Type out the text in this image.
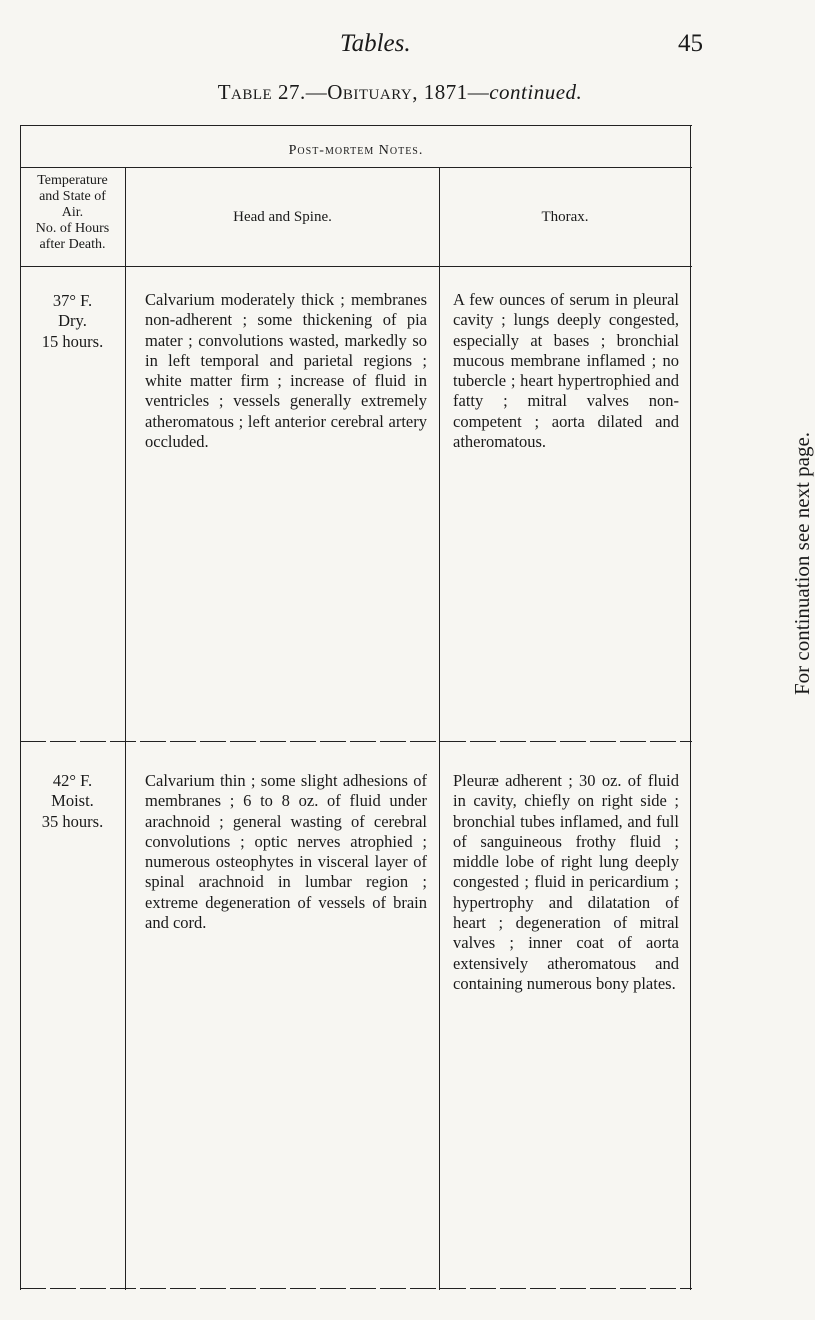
Tables.	45
Table 27.—Obituary, 1871—continued.
Post-mortem Notes.
Temperature
and State of
Air.
No. of Hours
after Death.
Head and Spine.	Thorax.

37° F.

Dry.

15 hours.

Calvarium moderately thick ; membranes non-adherent ; some thickening of pia mater ; convolutions wasted, markedly so in left temporal and parietal regions ; white matter firm ; increase of fluid in ventricles ; vessels generally extremely atheromatous ; left anterior cerebral artery occluded.
A few ounces of serum in pleural cavity ; lungs deeply congested, especially at bases ; bronchial mucous membrane inflamed ; no tubercle ; heart hypertrophied and fatty ; mitral valves non-competent ; aorta dilated and atheromatous.

42° F.

Moist.

35 hours.

Calvarium thin ; some slight adhesions of membranes ; 6 to 8 oz. of fluid under arachnoid ; general wasting of cerebral convolutions ; optic nerves atrophied ; numerous osteophytes in visceral layer of spinal arachnoid in lumbar region ; extreme degeneration of vessels of brain and cord.
Pleuræ adherent ; 30 oz. of fluid in cavity, chiefly on right side ; bronchial tubes inflamed, and full of sanguineous frothy fluid ; middle lobe of right lung deeply congested ; fluid in pericardium ; hypertrophy and dilatation of heart ; degeneration of mitral valves ; inner coat of aorta extensively atheromatous and containing numerous bony plates.
For continuation see next page.
